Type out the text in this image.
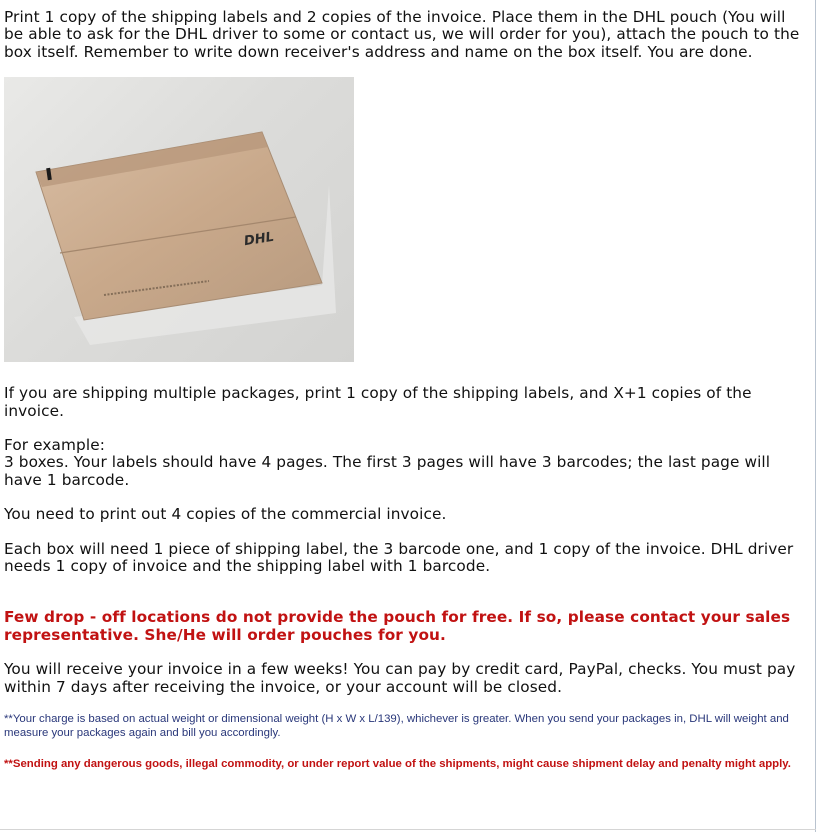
Print 1 copy of the shipping labels and 2 copies of the invoice. Place them in the DHL pouch (You will be able to ask for the DHL driver to some or contact us, we will order for you), attach the pouch to the box itself. Remember to write down receiver's address and name on the box itself. You are done.

DHL

If you are shipping multiple packages, print 1 copy of the shipping labels, and X+1 copies of the invoice.

For example:

3 boxes. Your labels should have 4 pages. The first 3 pages will have 3 barcodes; the last page will have 1 barcode.

You need to print out 4 copies of the commercial invoice.

Each box will need 1 piece of shipping label, the 3 barcode one, and 1 copy of the invoice. DHL driver needs 1 copy of invoice and the shipping label with 1 barcode.

Few drop - off locations do not provide the pouch for free. If so, please contact your sales representative. She/He will order pouches for you.

You will receive your invoice in a few weeks! You can pay by credit card, PayPal, checks. You must pay within 7 days after receiving the invoice, or your account will be closed.

**Your charge is based on actual weight or dimensional weight (H x W x L/139), whichever is greater. When you send your packages in, DHL will weight and measure your packages again and bill you accordingly.

**Sending any dangerous goods, illegal commodity, or under report value of the shipments, might cause shipment delay and penalty might apply.
